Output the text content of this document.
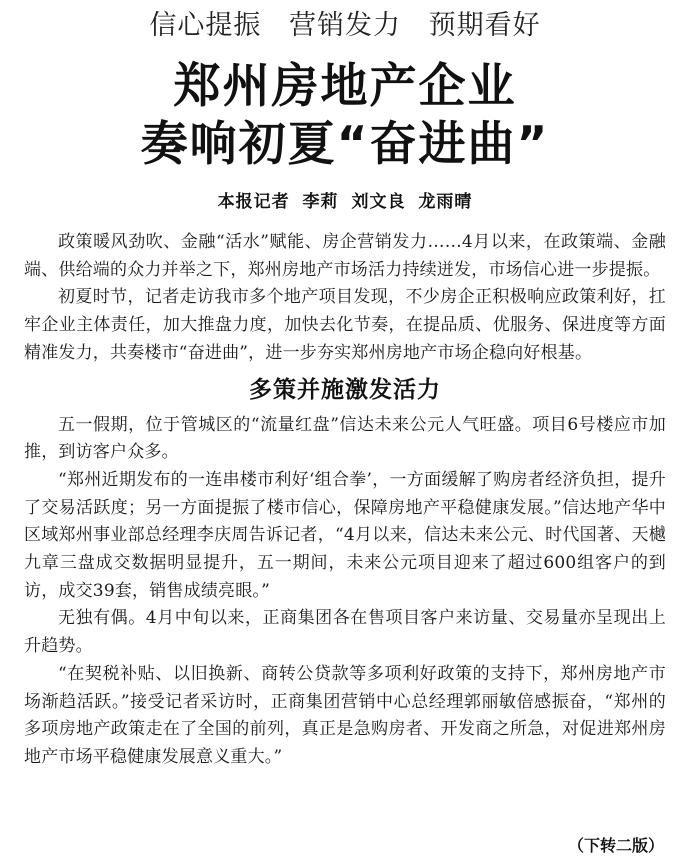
信心提振 营销发力 预期看好
郑州房地产企业
奏响初夏“奋进曲”
本报记者 李莉 刘文良 龙雨晴

政策暖风劲吹、金融“活水”赋能、房企营销发力……4月以来，在政策端、金融端、供给端的众力并举之下，郑州房地产市场活力持续迸发，市场信心进一步提振。

初夏时节，记者走访我市多个地产项目发现，不少房企正积极响应政策利好，扛牢企业主体责任，加大推盘力度，加快去化节奏，在提品质、优服务、保进度等方面精准发力，共奏楼市“奋进曲”，进一步夯实郑州房地产市场企稳向好根基。

多策并施激发活力

五一假期，位于管城区的“流量红盘”信达未来公元人气旺盛。项目6号楼应市加推，到访客户众多。

“郑州近期发布的一连串楼市利好‘组合拳’，一方面缓解了购房者经济负担，提升了交易活跃度；另一方面提振了楼市信心，保障房地产平稳健康发展。”信达地产华中区域郑州事业部总经理李庆周告诉记者，“4月以来，信达未来公元、时代国著、天樾九章三盘成交数据明显提升，五一期间，未来公元项目迎来了超过600组客户的到访，成交39套，销售成绩亮眼。”

无独有偶。4月中旬以来，正商集团各在售项目客户来访量、交易量亦呈现出上升趋势。

“在契税补贴、以旧换新、商转公贷款等多项利好政策的支持下，郑州房地产市场渐趋活跃。”接受记者采访时，正商集团营销中心总经理郭丽敏倍感振奋，“郑州的多项房地产政策走在了全国的前列，真正是急购房者、开发商之所急，对促进郑州房地产市场平稳健康发展意义重大。”

（下转二版）
